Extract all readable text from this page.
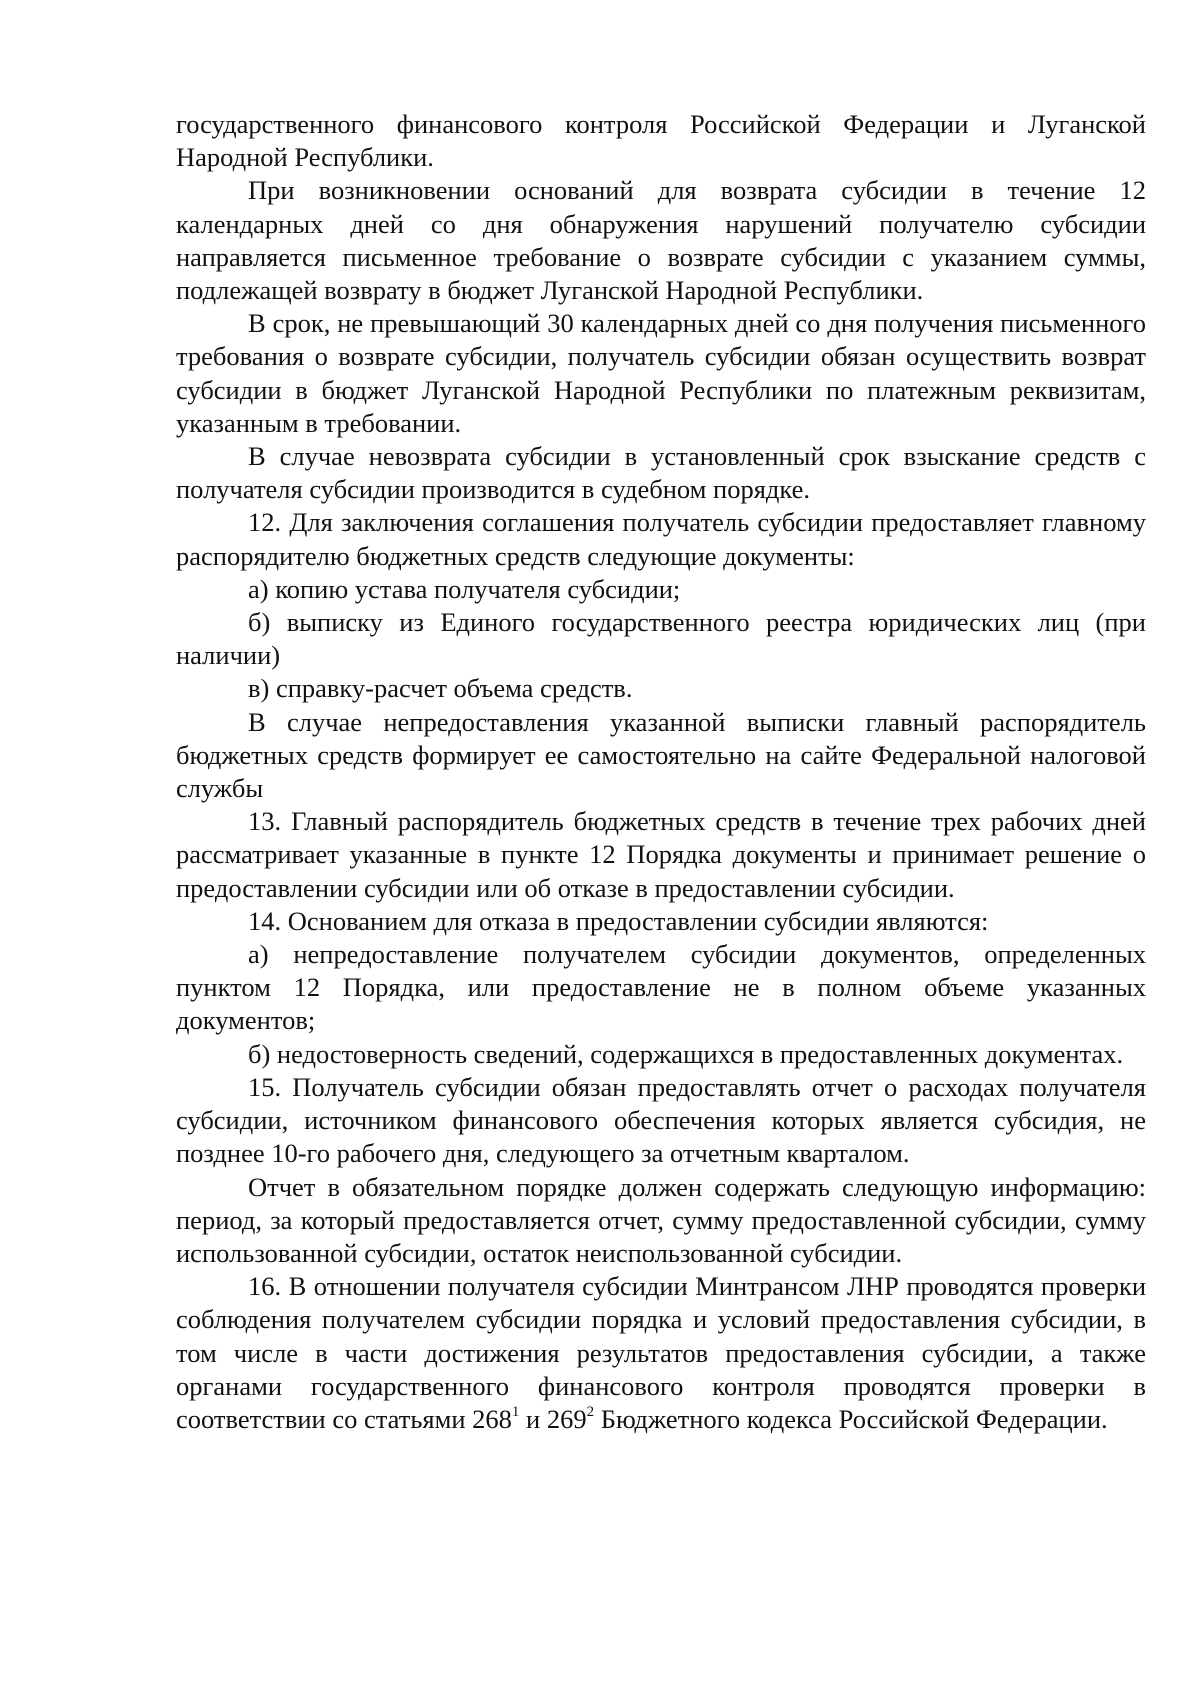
государственного финансового контроля Российской Федерации и Луганской Народной Республики.

При возникновении оснований для возврата субсидии в течение 12 календарных дней со дня обнаружения нарушений получателю субсидии направляется письменное требование о возврате субсидии с указанием суммы, подлежащей возврату в бюджет Луганской Народной Республики.

В срок, не превышающий 30 календарных дней со дня получения письменного требования о возврате субсидии, получатель субсидии обязан осуществить возврат субсидии в бюджет Луганской Народной Республики по платежным реквизитам, указанным в требовании.

В случае невозврата субсидии в установленный срок взыскание средств с получателя субсидии производится в судебном порядке.

12. Для заключения соглашения получатель субсидии предоставляет главному распорядителю бюджетных средств следующие документы:

а) копию устава получателя субсидии;

б) выписку из Единого государственного реестра юридических лиц (при наличии)

в) справку-расчет объема средств.

В случае непредоставления указанной выписки главный распорядитель бюджетных средств формирует ее самостоятельно на сайте Федеральной налоговой службы

13. Главный распорядитель бюджетных средств в течение трех рабочих дней рассматривает указанные в пункте 12 Порядка документы и принимает решение о предоставлении субсидии или об отказе в предоставлении субсидии.

14. Основанием для отказа в предоставлении субсидии являются:

а) непредоставление получателем субсидии документов, определенных пунктом 12 Порядка, или предоставление не в полном объеме указанных документов;

б) недостоверность сведений, содержащихся в предоставленных документах.

15. Получатель субсидии обязан предоставлять отчет о расходах получателя субсидии, источником финансового обеспечения которых является субсидия, не позднее 10-го рабочего дня, следующего за отчетным кварталом.

Отчет в обязательном порядке должен содержать следующую информацию: период, за который предоставляется отчет, сумму предоставленной субсидии, сумму использованной субсидии, остаток неиспользованной субсидии.

16. В отношении получателя субсидии Минтрансом ЛНР проводятся проверки соблюдения получателем субсидии порядка и условий предоставления субсидии, в том числе в части достижения результатов предоставления субсидии, а также органами государственного финансового контроля проводятся проверки в соответствии со статьями $268^1$ и $269^2$ Бюджетного кодекса Российской Федерации.
